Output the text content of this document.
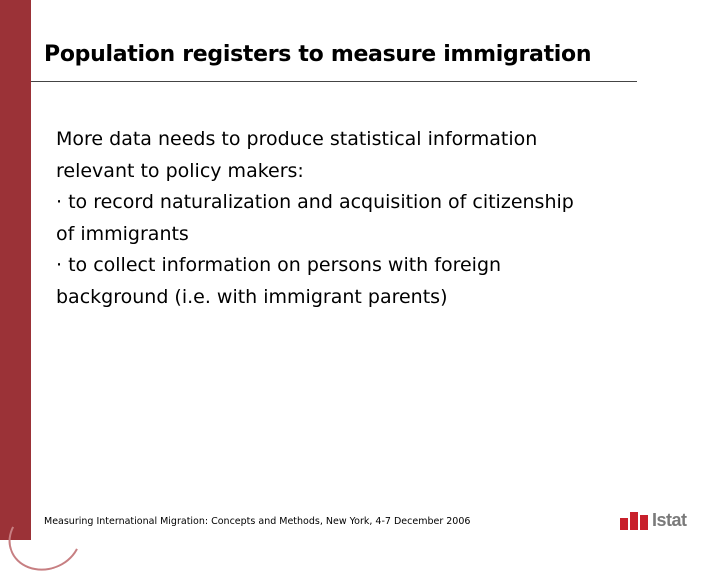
Population registers to measure immigration
More data needs to produce statistical information
relevant to policy makers:
· to record naturalization and acquisition of citizenship
of immigrants
· to collect information on persons with foreign
background (i.e. with immigrant parents)
Measuring International Migration: Concepts and Methods, New York, 4-7 December 2006	Istat
